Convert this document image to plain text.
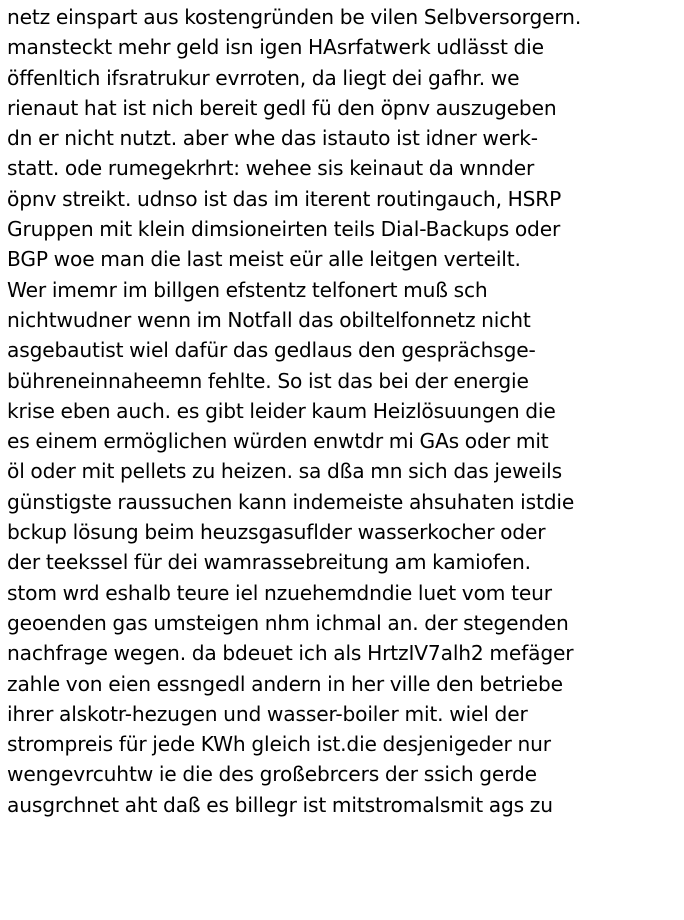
netz einspart aus kostengründen be vilen Selbversorgern.
mansteckt mehr geld isn igen HAsrfatwerk udlässt die
öffenltich ifsratrukur evrroten, da liegt dei gafhr. we
rienaut hat ist nich bereit gedl fü den öpnv auszugeben
dn er nicht nutzt. aber whe das istauto ist idner werk-
statt. ode rumegekrhrt: wehee sis keinaut da wnnder
öpnv streikt. udnso ist das im iterent routingauch, HSRP
Gruppen mit klein dimsioneirten teils Dial-Backups oder
BGP woe man die last meist eür alle leitgen verteilt.
Wer imemr im billgen efstentz telfonert muß sch
nichtwudner wenn im Notfall das obiltelfonnetz nicht
asgebautist wiel dafür das gedlaus den gesprächsge-
bühreneinnaheemn fehlte. So ist das bei der energie
krise eben auch. es gibt leider kaum Heizlösuungen die
es einem ermöglichen würden enwtdr mi GAs oder mit
öl oder mit pellets zu heizen. sa dßa mn sich das jeweils
günstigste raussuchen kann indemeiste ahsuhaten istdie
bckup lösung beim heuzsgasuflder wasserkocher oder
der teekssel für dei wamrassebreitung am kamiofen.
stom wrd eshalb teure iel nzuehemdndie luet vom teur
geoenden gas umsteigen nhm ichmal an. der stegenden
nachfrage wegen. da bdeuet ich als HrtzIV7alh2 mefäger
zahle von eien essngedl andern in her ville den betriebe
ihrer alskotr-hezugen und wasser-boiler mit. wiel der
strompreis für jede KWh gleich ist.die desjenigeder nur
wengevrcuhtw ie die des großebrcers der ssich gerde
ausgrchnet aht daß es billegr ist mitstromalsmit ags zu
